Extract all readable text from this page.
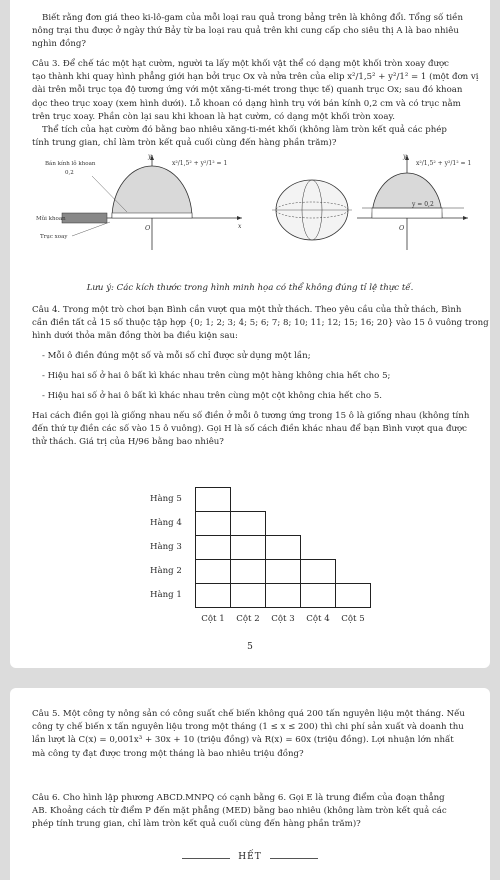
Biết rằng đơn giá theo ki-lô-gam của mỗi loại rau quả trong bảng trên là không đổi. Tổng số tiền
nông trại thu được ở ngày thứ Bảy từ ba loại rau quả trên khi cung cấp cho siêu thị A là bao nhiêu
nghìn đồng?
Câu 3. Để chế tác một hạt cườm, người ta lấy một khối vật thể có dạng một khối tròn xoay được
tạo thành khi quay hình phẳng giới hạn bởi trục Ox và nửa trên của elip x²/1,5² + y²/1² = 1 (một đơn vị
dài trên mỗi trục tọa độ tương ứng với một xăng-ti-mét trong thực tế) quanh trục Ox; sau đó khoan
dọc theo trục xoay (xem hình dưới). Lỗ khoan có dạng hình trụ với bán kính 0,2 cm và có trục nằm
trên trục xoay. Phần còn lại sau khi khoan là hạt cườm, có dạng một khối tròn xoay.
Thể tích của hạt cườm đó bằng bao nhiêu xăng-ti-mét khối (không làm tròn kết quả các phép
tính trung gian, chỉ làm tròn kết quả cuối cùng đến hàng phần trăm)?
Bán kính lỗ khoan
0,2
Mũi khoan
Trục xoay
x²/1,5² + y²/1² = 1
O
y
x
x²/1,5² + y²/1² = 1
y = 0,2
O
y
Lưu ý: Các kích thước trong hình minh họa có thể không đúng tỉ lệ thực tế.
Câu 4. Trong một trò chơi bạn Bình cần vượt qua một thử thách. Theo yêu cầu của thử thách, Bình
cần điền tất cả 15 số thuộc tập hợp {0; 1; 2; 3; 4; 5; 6; 7; 8; 10; 11; 12; 15; 16; 20} vào 15 ô vuông trong
hình dưới thỏa mãn đồng thời ba điều kiện sau:
- Mỗi ô điền đúng một số và mỗi số chỉ được sử dụng một lần;
- Hiệu hai số ở hai ô bất kì khác nhau trên cùng một hàng không chia hết cho 5;
- Hiệu hai số ở hai ô bất kì khác nhau trên cùng một cột không chia hết cho 5.
Hai cách điền gọi là giống nhau nếu số điền ở mỗi ô tương ứng trong 15 ô là giống nhau (không tính
đến thứ tự điền các số vào 15 ô vuông). Gọi H là số cách điền khác nhau để bạn Bình vượt qua được
thử thách. Giá trị của H/96 bằng bao nhiêu?
Hàng 5
Hàng 4
Hàng 3
Hàng 2
Hàng 1
Cột 1	Cột 2	Cột 3	Cột 4	Cột 5
5
Câu 5. Một công ty nông sản có công suất chế biến không quá 200 tấn nguyên liệu một tháng. Nếu
công ty chế biến x tấn nguyên liệu trong một tháng (1 ≤ x ≤ 200) thì chi phí sản xuất và doanh thu
lần lượt là C(x) = 0,001x³ + 30x + 10 (triệu đồng) và R(x) = 60x (triệu đồng). Lợi nhuận lớn nhất
mà công ty đạt được trong một tháng là bao nhiêu triệu đồng?
Câu 6. Cho hình lập phương ABCD.MNPQ có cạnh bằng 6. Gọi E là trung điểm của đoạn thẳng
AB. Khoảng cách từ điểm P đến mặt phẳng (MED) bằng bao nhiêu (không làm tròn kết quả các
phép tính trung gian, chỉ làm tròn kết quả cuối cùng đến hàng phần trăm)?
HẾT
